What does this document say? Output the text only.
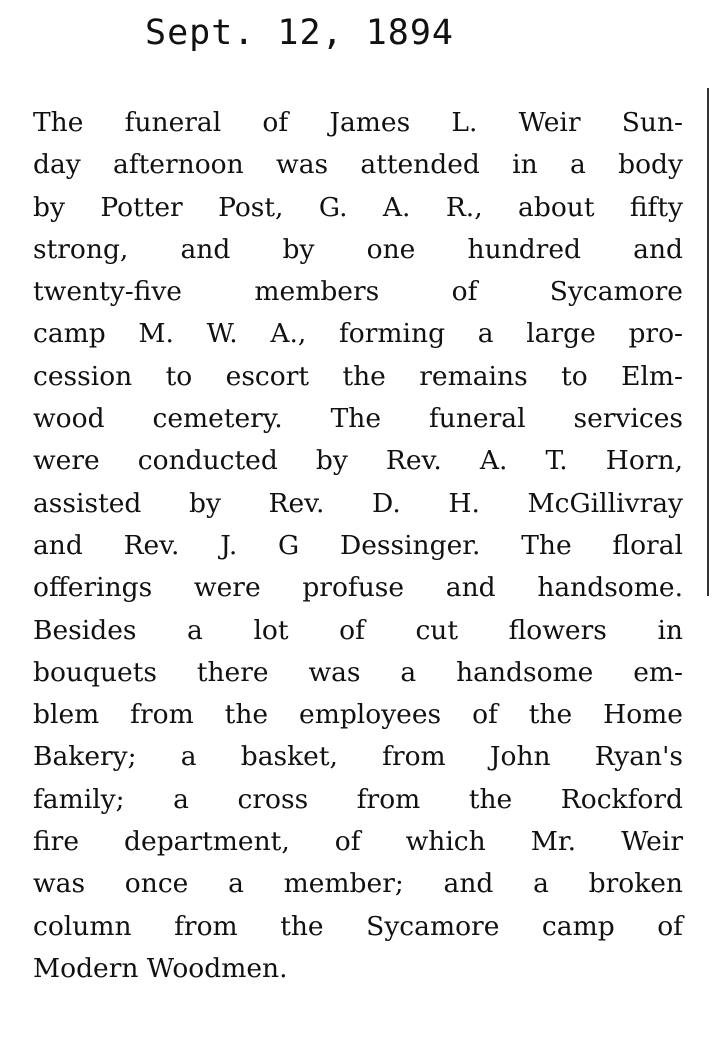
Sept. 12, 1894
The funeral of James L. Weir Sun-
day afternoon was attended in a body
by Potter Post, G. A. R., about fifty
strong, and by one hundred and
twenty-five members of Sycamore
camp M. W. A., forming a large pro-
cession to escort the remains to Elm-
wood cemetery. The funeral services
were conducted by Rev. A. T. Horn,
assisted by Rev. D. H. McGillivray
and Rev. J. G Dessinger. The floral
offerings were profuse and handsome.
Besides a lot of cut flowers in
bouquets there was a handsome em-
blem from the employees of the Home
Bakery; a basket, from John Ryan's
family; a cross from the Rockford
fire department, of which Mr. Weir
was once a member; and a broken
column from the Sycamore camp of
Modern Woodmen.
